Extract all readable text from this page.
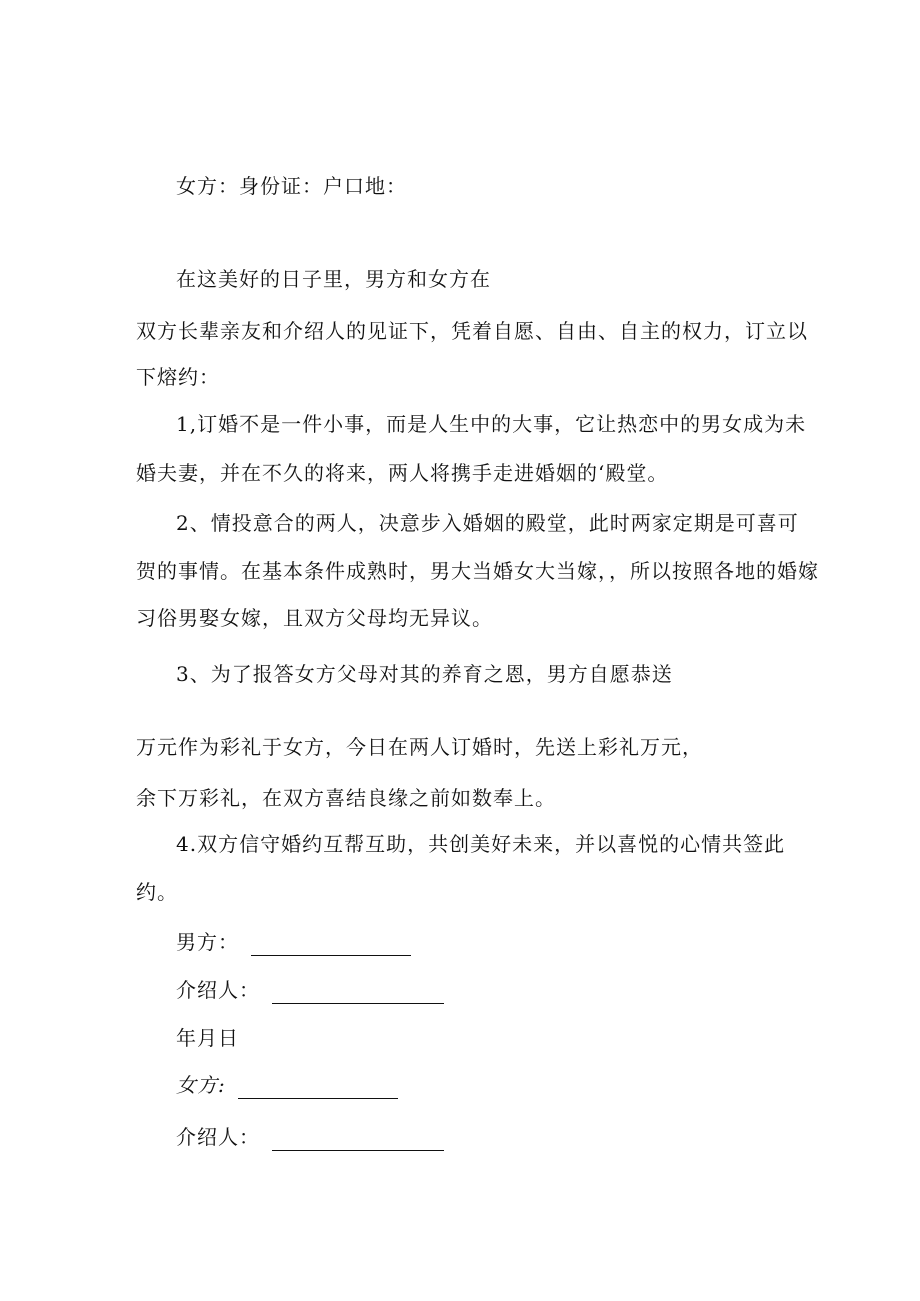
女方：身份证：户口地：
在这美好的日子里，男方和女方在
双方长辈亲友和介绍人的见证下，凭着自愿、自由、自主的权力，订立以
下熔约：
1,订婚不是一件小事，而是人生中的大事，它让热恋中的男女成为未
婚夫妻，并在不久的将来，两人将携手走进婚姻的‘殿堂。
2、情投意合的两人，决意步入婚姻的殿堂，此时两家定期是可喜可
贺的事情。在基本条件成熟时，男大当婚女大当嫁，，所以按照各地的婚嫁
习俗男娶女嫁，且双方父母均无异议。
3、为了报答女方父母对其的养育之恩，男方自愿恭送
万元作为彩礼于女方，今日在两人订婚时，先送上彩礼万元，
余下万彩礼，在双方喜结良缘之前如数奉上。
4.双方信守婚约互帮互助，共创美好未来，并以喜悦的心情共签此
约。
男方：
介绍人：
年月日
女方:
介绍人：
